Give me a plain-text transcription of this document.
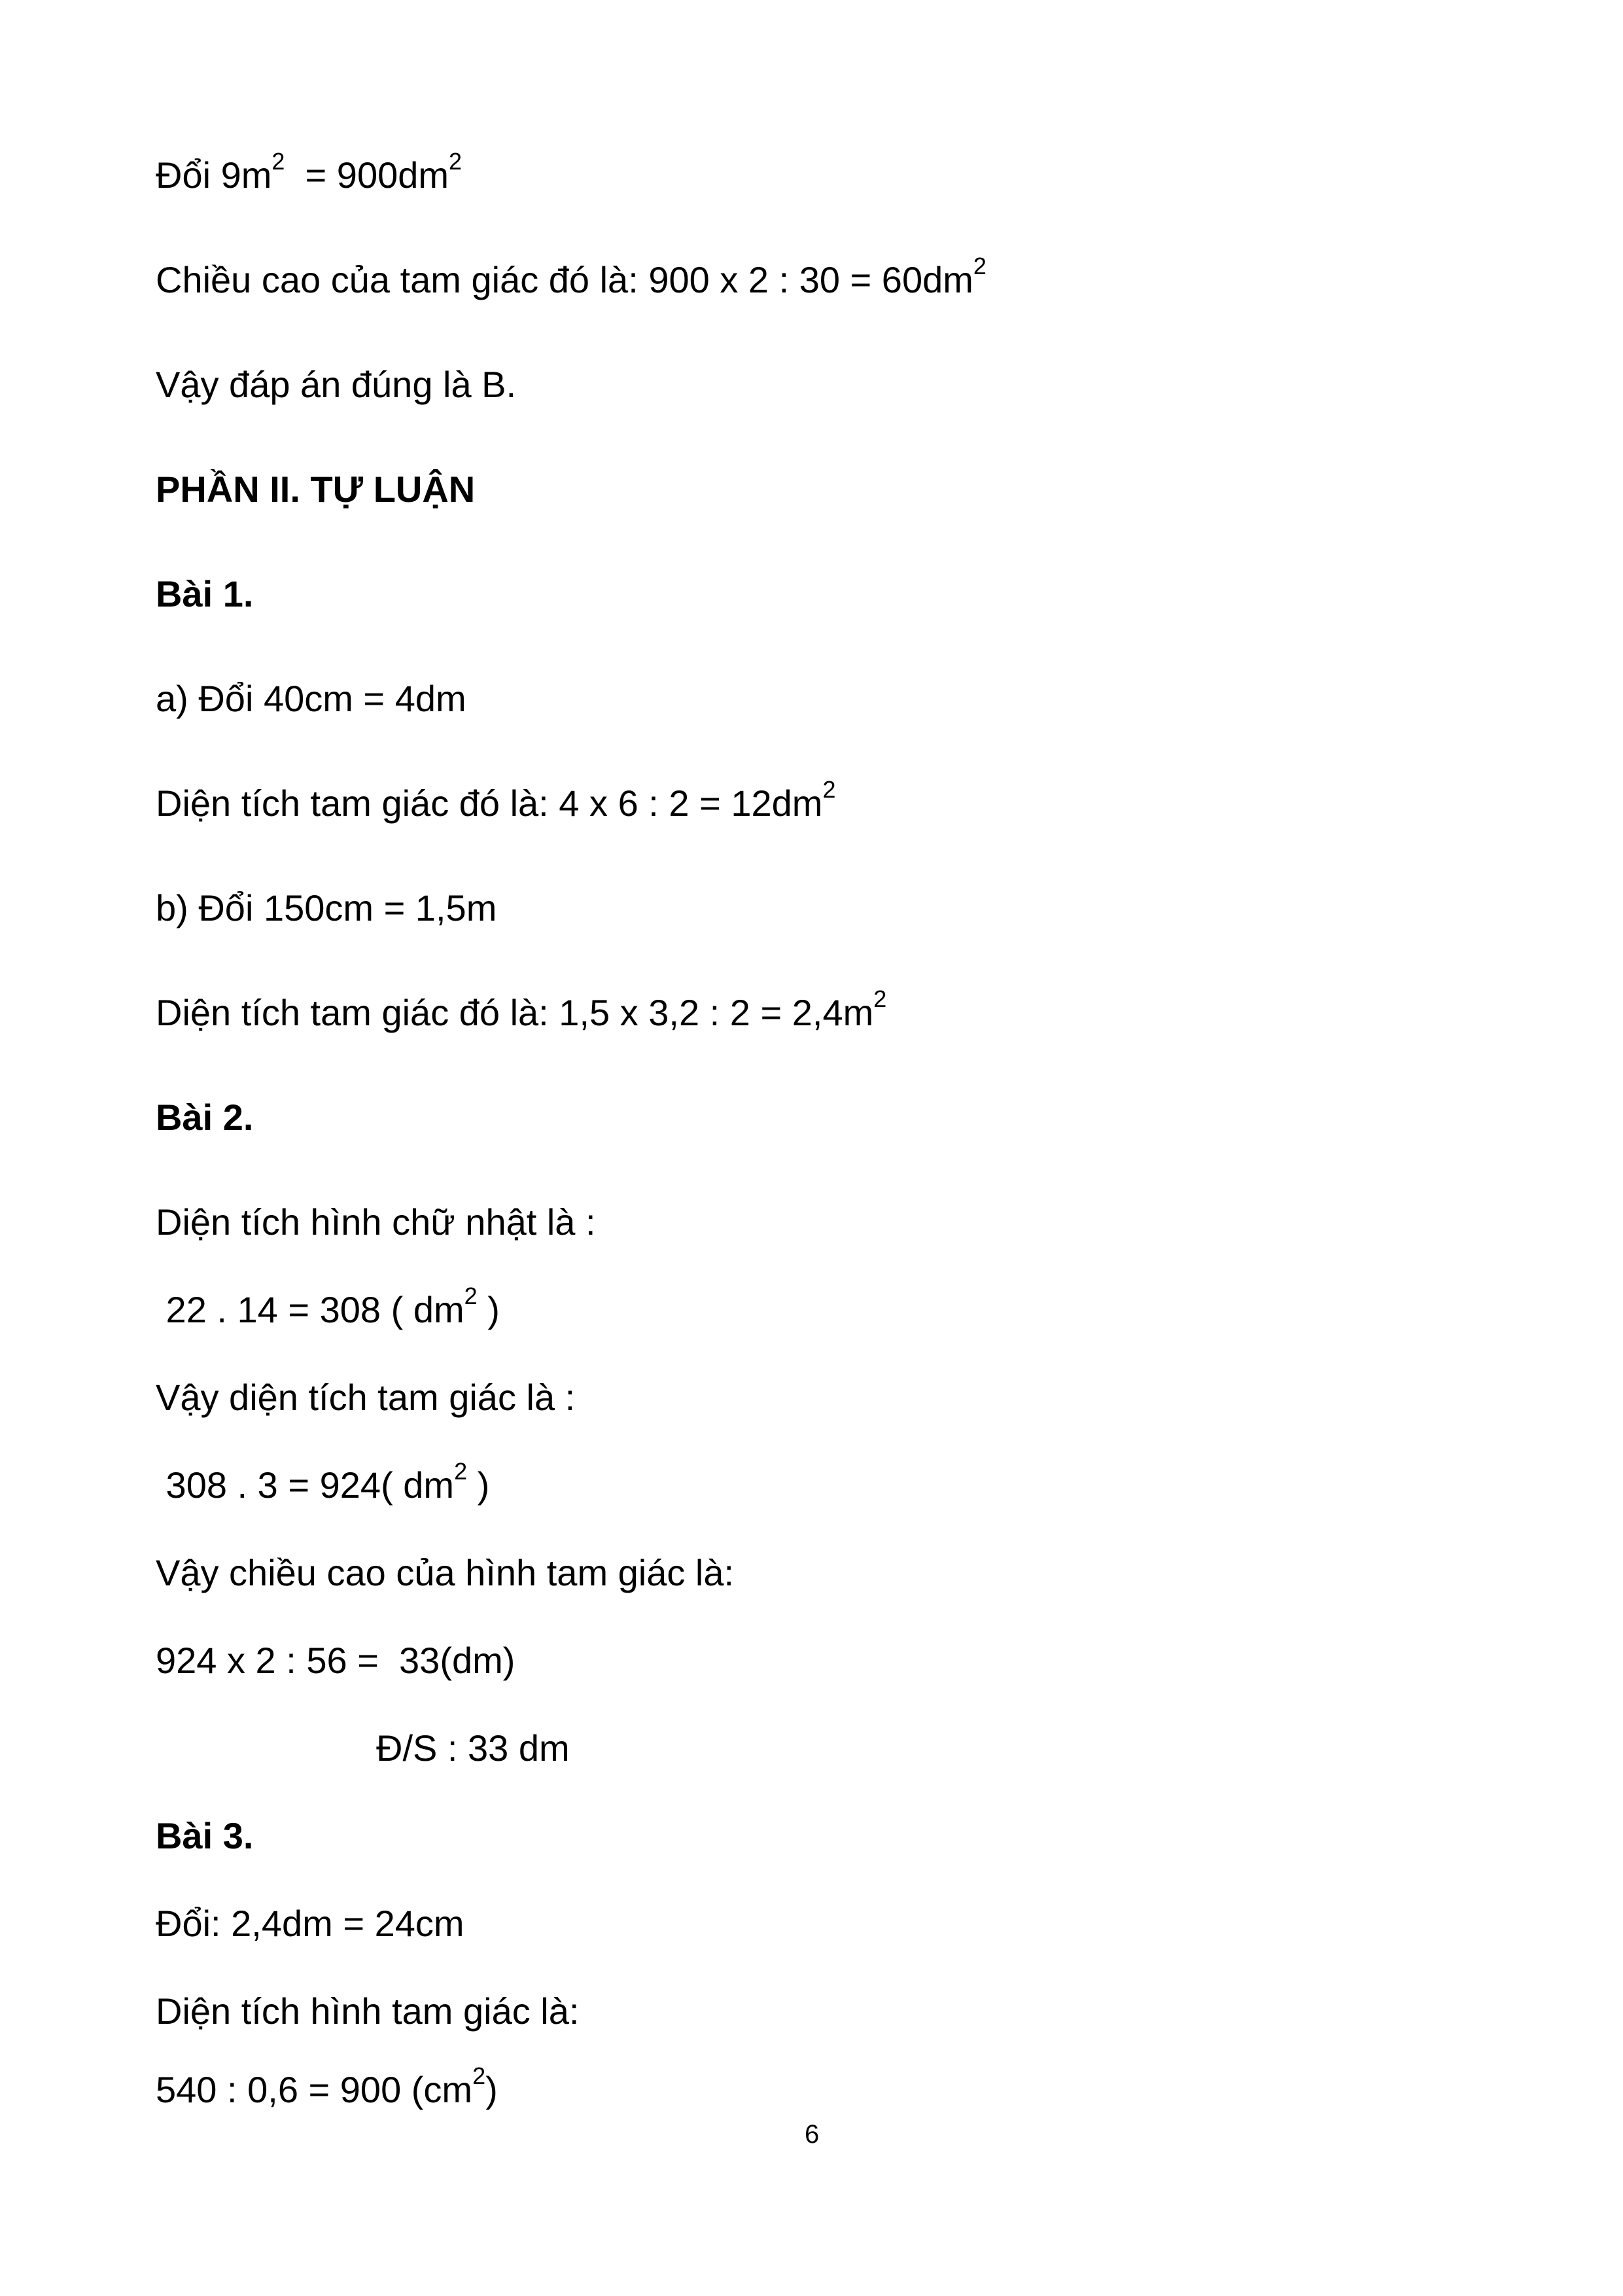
Đổi $9m^2 = 900dm^2$

Chiều cao của tam giác đó là: 900 x 2 : $30 = 60dm^2$

Vậy đáp án đúng là B.

PHẦN II. TỰ LUẬN

Bài 1.

a) Đổi 40cm = 4dm

Diện tích tam giác đó là: 4 x 6 : $2 = 12dm^2$

b) Đổi 150cm = 1,5m

Diện tích tam giác đó là: 1,5 x 3,2 : $2 = 2,4m^2$

Bài 2.

Diện tích hình chữ nhật là :

22 . 14 = 308 ( $dm^2$ )

Vậy diện tích tam giác là :

308 . 3 = 924( $dm^2$ )

Vậy chiều cao của hình tam giác là:

924 x 2 : 56 =  33(dm)

Đ/S : 33 dm

Bài 3.

Đổi: 2,4dm = 24cm

Diện tích hình tam giác là:

540 : 0,6 = 900 $(cm^2)$

6
